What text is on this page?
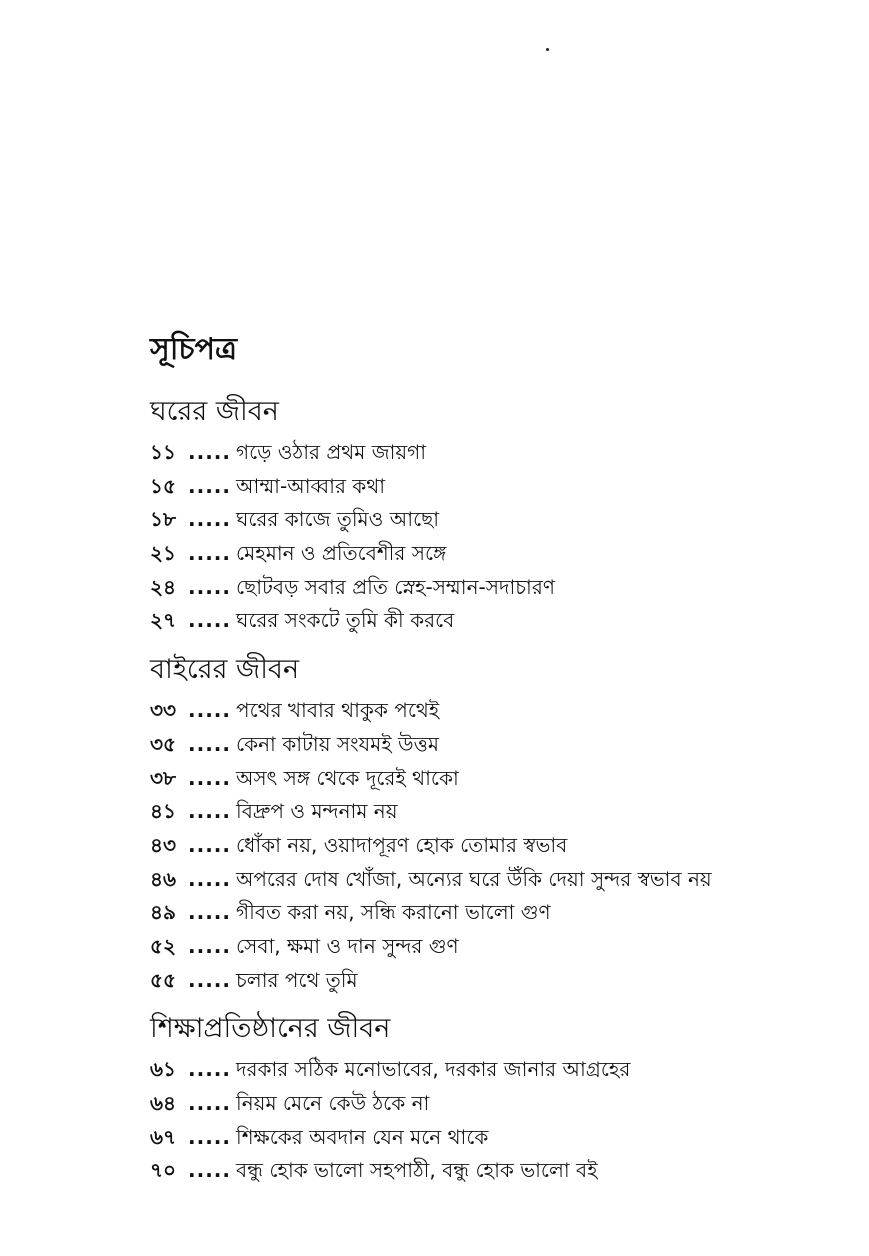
সূচিপত্র
ঘরের জীবন
১১ ..... গড়ে ওঠার প্রথম জায়গা
১৫ ..... আম্মা-আব্বার কথা
১৮ ..... ঘরের কাজে তুমিও আছো
২১ ..... মেহমান ও প্রতিবেশীর সঙ্গে
২৪ ..... ছোটবড় সবার প্রতি স্নেহ-সম্মান-সদাচারণ
২৭ ..... ঘরের সংকটে তুমি কী করবে
বাইরের জীবন
৩৩ ..... পথের খাবার থাকুক পথেই
৩৫ ..... কেনা কাটায় সংযমই উত্তম
৩৮ ..... অসৎ সঙ্গ থেকে দূরেই থাকো
৪১ ..... বিদ্রুপ ও মন্দনাম নয়
৪৩ ..... ধোঁকা নয়, ওয়াদাপূরণ হোক তোমার স্বভাব
৪৬ ..... অপরের দোষ খোঁজা, অন্যের ঘরে উঁকি দেয়া সুন্দর স্বভাব নয়
৪৯ ..... গীবত করা নয়, সন্ধি করানো ভালো গুণ
৫২ ..... সেবা, ক্ষমা ও দান সুন্দর গুণ
৫৫ ..... চলার পথে তুমি
শিক্ষাপ্রতিষ্ঠানের জীবন
৬১ ..... দরকার সঠিক মনোভাবের, দরকার জানার আগ্রহের
৬৪ ..... নিয়ম মেনে কেউ ঠকে না
৬৭ ..... শিক্ষকের অবদান যেন মনে থাকে
৭০ ..... বন্ধু হোক ভালো সহপাঠী, বন্ধু হোক ভালো বই
